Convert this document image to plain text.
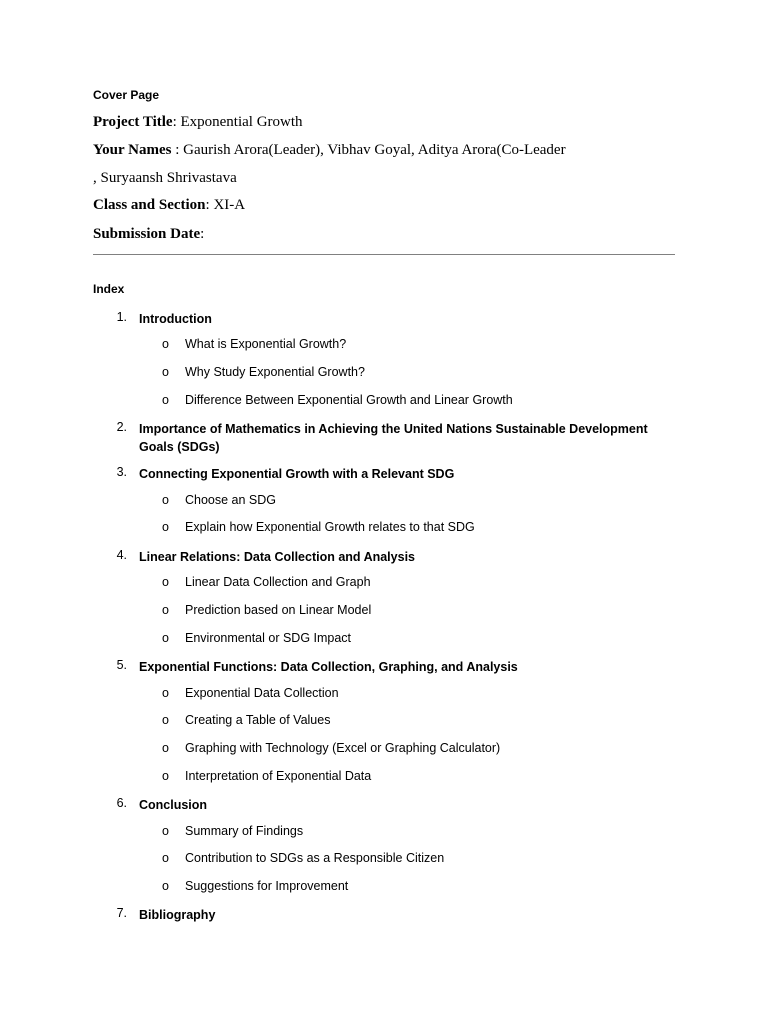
Cover Page
Project Title: Exponential Growth
Your Names : Gaurish Arora(Leader), Vibhav Goyal, Aditya Arora(Co-Leader
, Suryaansh Shrivastava
Class and Section: XI-A
Submission Date:
Index
1. Introduction
o What is Exponential Growth?
o Why Study Exponential Growth?
o Difference Between Exponential Growth and Linear Growth
2. Importance of Mathematics in Achieving the United Nations Sustainable Development Goals (SDGs)
3. Connecting Exponential Growth with a Relevant SDG
o Choose an SDG
o Explain how Exponential Growth relates to that SDG
4. Linear Relations: Data Collection and Analysis
o Linear Data Collection and Graph
o Prediction based on Linear Model
o Environmental or SDG Impact
5. Exponential Functions: Data Collection, Graphing, and Analysis
o Exponential Data Collection
o Creating a Table of Values
o Graphing with Technology (Excel or Graphing Calculator)
o Interpretation of Exponential Data
6. Conclusion
o Summary of Findings
o Contribution to SDGs as a Responsible Citizen
o Suggestions for Improvement
7. Bibliography
